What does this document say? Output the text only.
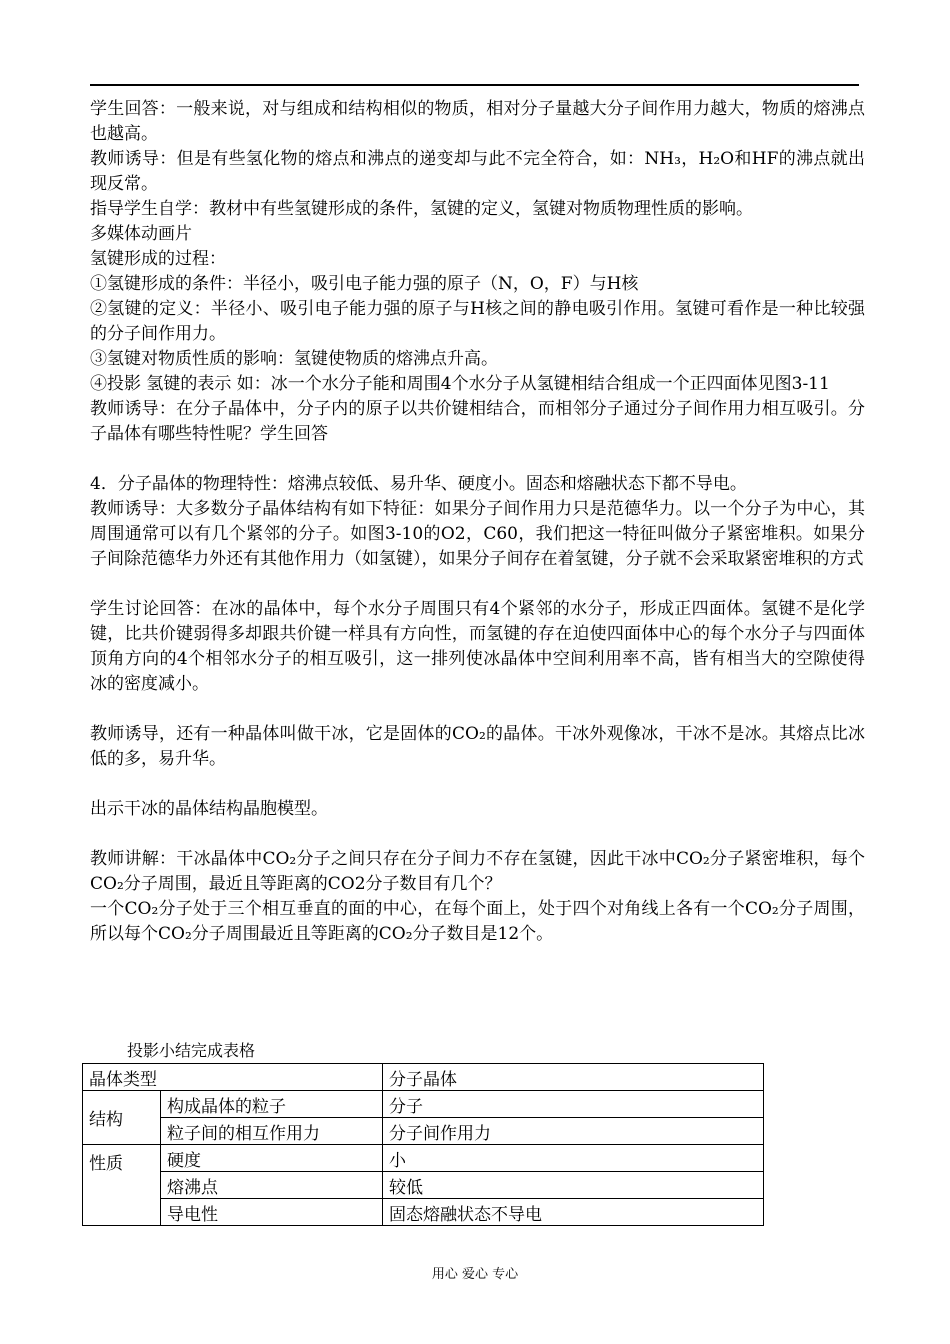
学生回答：一般来说，对与组成和结构相似的物质，相对分子量越大分子间作用力越大，物质的熔沸点也越高。

教师诱导：但是有些氢化物的熔点和沸点的递变却与此不完全符合，如：NH₃，H₂O和HF的沸点就出现反常。

指导学生自学：教材中有些氢键形成的条件，氢键的定义，氢键对物质物理性质的影响。

多媒体动画片

氢键形成的过程：

①氢键形成的条件：半径小，吸引电子能力强的原子（N，O，F）与H核

②氢键的定义：半径小、吸引电子能力强的原子与H核之间的静电吸引作用。氢键可看作是一种比较强的分子间作用力。

③氢键对物质性质的影响：氢键使物质的熔沸点升高。

④投影 氢键的表示 如：冰一个水分子能和周围4个水分子从氢键相结合组成一个正四面体见图3-11

教师诱导：在分子晶体中，分子内的原子以共价键相结合，而相邻分子通过分子间作用力相互吸引。分子晶体有哪些特性呢？学生回答

4．分子晶体的物理特性：熔沸点较低、易升华、硬度小。固态和熔融状态下都不导电。

教师诱导：大多数分子晶体结构有如下特征：如果分子间作用力只是范德华力。以一个分子为中心，其周围通常可以有几个紧邻的分子。如图3-10的O2，C60，我们把这一特征叫做分子紧密堆积。如果分子间除范德华力外还有其他作用力（如氢键），如果分子间存在着氢键，分子就不会采取紧密堆积的方式

学生讨论回答：在冰的晶体中，每个水分子周围只有4个紧邻的水分子，形成正四面体。氢键不是化学键，比共价键弱得多却跟共价键一样具有方向性，而氢键的存在迫使四面体中心的每个水分子与四面体顶角方向的4个相邻水分子的相互吸引，这一排列使冰晶体中空间利用率不高，皆有相当大的空隙使得冰的密度减小。

教师诱导，还有一种晶体叫做干冰，它是固体的CO₂的晶体。干冰外观像冰，干冰不是冰。其熔点比冰低的多，易升华。

出示干冰的晶体结构晶胞模型。

教师讲解：干冰晶体中CO₂分子之间只存在分子间力不存在氢键，因此干冰中CO₂分子紧密堆积，每个CO₂分子周围，最近且等距离的CO2分子数目有几个？

一个CO₂分子处于三个相互垂直的面的中心，在每个面上，处于四个对角线上各有一个CO₂分子周围，所以每个CO₂分子周围最近且等距离的CO₂分子数目是12个。

投影小结完成表格
晶体类型		分子晶体
结构	构成晶体的粒子	分子
	粒子间的相互作用力	分子间作用力
性质	硬度	小
	熔沸点	较低
	导电性	固态熔融状态不导电
用心 爱心 专心
